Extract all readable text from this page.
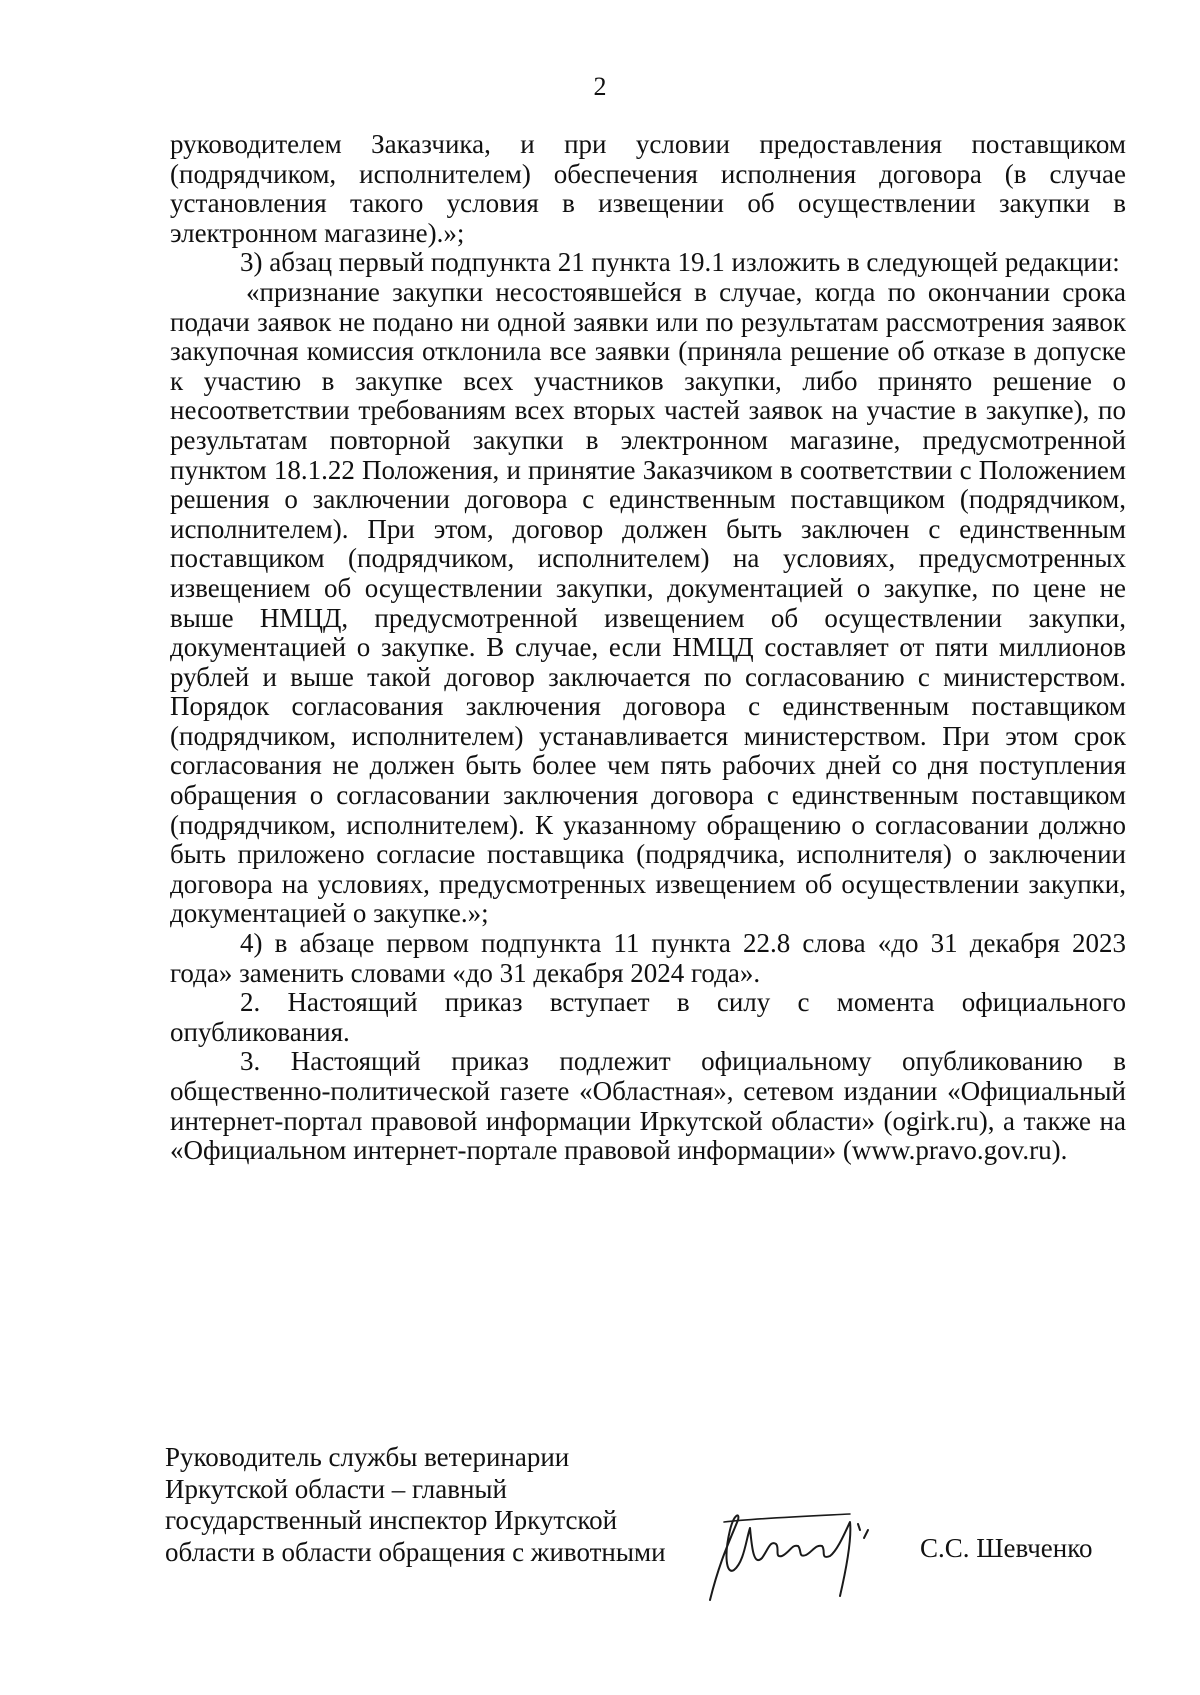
2

руководителем Заказчика, и при условии предоставления поставщиком (подрядчиком, исполнителем) обеспечения исполнения договора (в случае установления такого условия в извещении об осуществлении закупки в электронном магазине).»;

3) абзац первый подпункта 21 пункта 19.1 изложить в следующей редакции:

«признание закупки несостоявшейся в случае, когда по окончании срока подачи заявок не подано ни одной заявки или по результатам рассмотрения заявок закупочная комиссия отклонила все заявки (приняла решение об отказе в допуске к участию в закупке всех участников закупки, либо принято решение о несоответствии требованиям всех вторых частей заявок на участие в закупке), по результатам повторной закупки в электронном магазине, предусмотренной пунктом 18.1.22 Положения, и принятие Заказчиком в соответствии с Положением решения о заключении договора с единственным поставщиком (подрядчиком, исполнителем). При этом, договор должен быть заключен с единственным поставщиком (подрядчиком, исполнителем) на условиях, предусмотренных извещением об осуществлении закупки, документацией о закупке, по цене не выше НМЦД, предусмотренной извещением об осуществлении закупки, документацией о закупке. В случае, если НМЦД составляет от пяти миллионов рублей и выше такой договор заключается по согласованию с министерством. Порядок согласования заключения договора с единственным поставщиком (подрядчиком, исполнителем) устанавливается министерством. При этом срок согласования не должен быть более чем пять рабочих дней со дня поступления обращения о согласовании заключения договора с единственным поставщиком (подрядчиком, исполнителем). К указанному обращению о согласовании должно быть приложено согласие поставщика (подрядчика, исполнителя) о заключении договора на условиях, предусмотренных извещением об осуществлении закупки, документацией о закупке.»;

4) в абзаце первом подпункта 11 пункта 22.8 слова «до 31 декабря 2023 года» заменить словами «до 31 декабря 2024 года».

2. Настоящий приказ вступает в силу с момента официального опубликования.

3. Настоящий приказ подлежит официальному опубликованию в общественно-политической газете «Областная», сетевом издании «Официальный интернет-портал правовой информации Иркутской области» (ogirk.ru), а также на «Официальном интернет-портале правовой информации» (www.pravo.gov.ru).

Руководитель службы ветеринарии
Иркутской области – главный
государственный инспектор Иркутской
области в области обращения с животными	С.С. Шевченко
